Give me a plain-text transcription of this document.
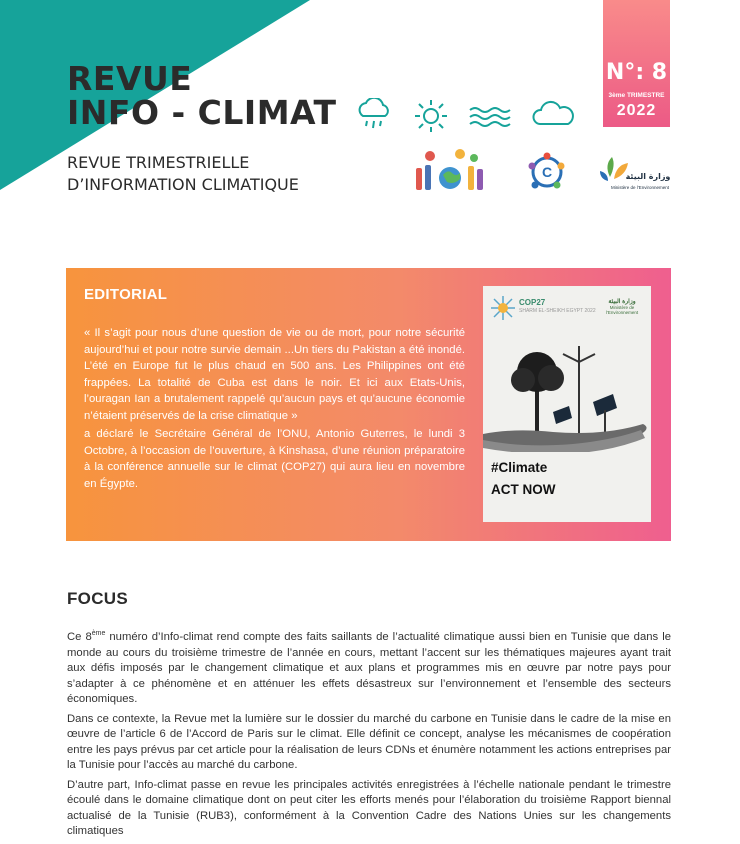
REVUE
INFO - CLIMAT
REVUE TRIMESTRIELLE
D’INFORMATION CLIMATIQUE
N°: 8
3ème TRIMESTRE
2022
C	وزارة البيئة
Ministère de l’Environnement
EDITORIAL

« Il s’agit pour nous d’une question de vie ou de mort, pour notre sécurité aujourd’hui et pour notre survie demain ...Un tiers du Pakistan a été inondé. L’été en Europe fut le plus chaud en 500 ans. Les Philippines ont été frappées. La totalité de Cuba est dans le noir. Et ici aux Etats-Unis, l’ouragan Ian a brutalement rappelé qu’aucun pays et qu’aucune économie n’étaient préservés de la crise climatique »

a déclaré le Secrétaire Général de l’ONU, Antonio Guterres, le lundi 3 Octobre, à l’occasion de l’ouverture, à Kinshasa, d’une réunion préparatoire à la conférence annuelle sur le climat (COP27) qui aura lieu en novembre en Égypte.

COP27
SHARM EL-SHEIKH EGYPT 2022
وزارة البيئة
Ministère de l’Environnement
#Climate
ACT NOW
FOCUS

Ce 8ème numéro d’Info-climat rend compte des faits saillants de l’actualité climatique aussi bien en Tunisie que dans le monde au cours du troisième trimestre de l’année en cours, mettant l’accent sur les thématiques majeures ayant trait aux défis imposés par le changement climatique et aux plans et programmes mis en œuvre par notre pays pour s’adapter à ce phénomène et en atténuer les effets désastreux sur l’environnement et l’ensemble des secteurs économiques.

Dans ce contexte, la Revue met la lumière sur le dossier du marché du carbone en Tunisie dans le cadre de la mise en œuvre de l’article 6 de l’Accord de Paris sur le climat. Elle définit ce concept, analyse les mécanismes de coopération entre les pays prévus par cet article pour la réalisation de leurs CDNs et énumère notamment les actions entreprises par la Tunisie pour l’accès au marché du carbone.

D’autre part, Info-climat passe en revue les principales activités enregistrées à l’échelle nationale pendant le trimestre écoulé dans le domaine climatique dont on peut citer les efforts menés pour l’élaboration du troisième Rapport biennal actualisé de la Tunisie (RUB3), conformément à la Convention Cadre des Nations Unies sur les changements climatiques
